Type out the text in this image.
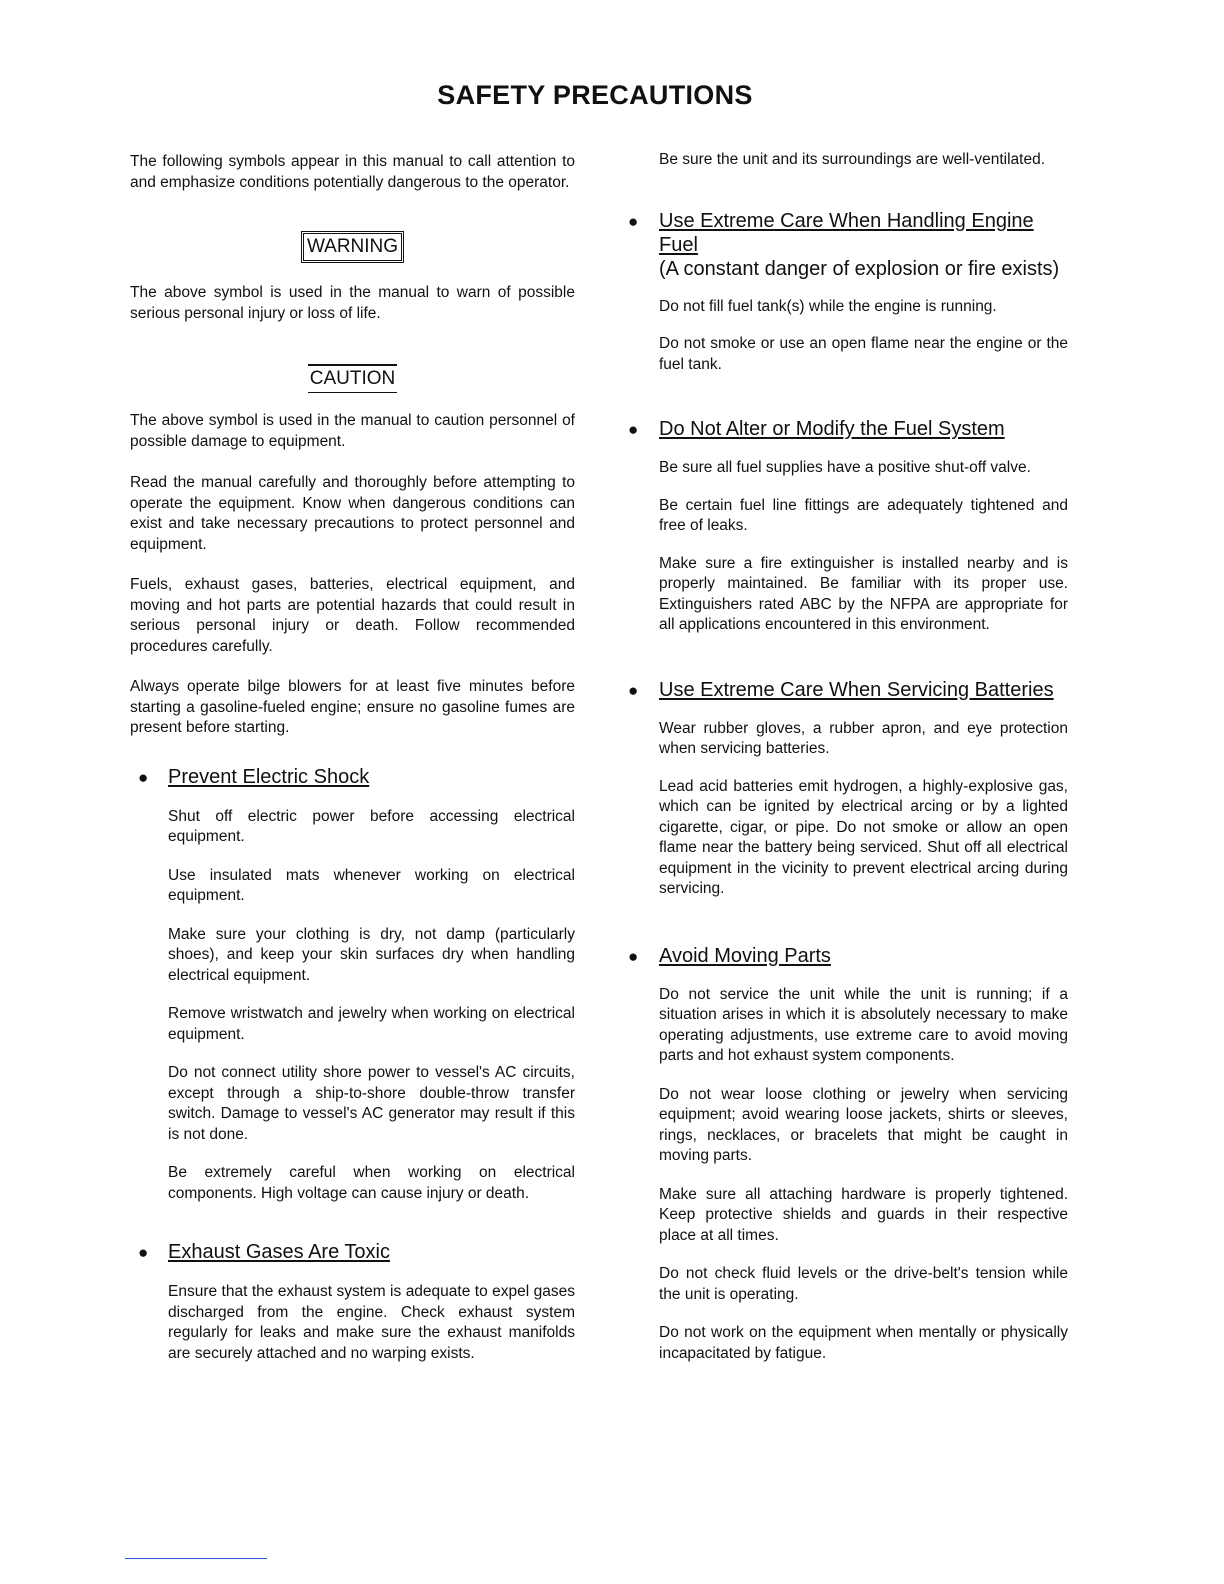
SAFETY PRECAUTIONS

The following symbols appear in this manual to call attention to and emphasize conditions potentially dangerous to the operator.

WARNING

The above symbol is used in the manual to warn of possible serious personal injury or loss of life.

CAUTION

The above symbol is used in the manual to caution personnel of possible damage to equipment.

Read the manual carefully and thoroughly before attempting to operate the equipment. Know when dangerous conditions can exist and take necessary precautions to protect personnel and equipment.

Fuels, exhaust gases, batteries, electrical equipment, and moving and hot parts are potential hazards that could result in serious personal injury or death. Follow recommended procedures carefully.

Always operate bilge blowers for at least five minutes before starting a gasoline-fueled engine; ensure no gasoline fumes are present before starting.

● Prevent Electric Shock

Shut off electric power before accessing electrical equipment.

Use insulated mats whenever working on electrical equipment.

Make sure your clothing is dry, not damp (particularly shoes), and keep your skin surfaces dry when handling electrical equipment.

Remove wristwatch and jewelry when working on electrical equipment.

Do not connect utility shore power to vessel's AC circuits, except through a ship-to-shore double-throw transfer switch. Damage to vessel's AC generator may result if this is not done.

Be extremely careful when working on electrical components. High voltage can cause injury or death.

● Exhaust Gases Are Toxic

Ensure that the exhaust system is adequate to expel gases discharged from the engine. Check exhaust system regularly for leaks and make sure the exhaust manifolds are securely attached and no warping exists.

Be sure the unit and its surroundings are well-ventilated.

●	Use Extreme Care When Handling Engine Fuel
(A constant danger of explosion or fire exists)

Do not fill fuel tank(s) while the engine is running.

Do not smoke or use an open flame near the engine or the fuel tank.

●	Do Not Alter or Modify the Fuel System

Be sure all fuel supplies have a positive shut-off valve.

Be certain fuel line fittings are adequately tightened and free of leaks.

Make sure a fire extinguisher is installed nearby and is properly maintained. Be familiar with its proper use. Extinguishers rated ABC by the NFPA are appropriate for all applications encountered in this environment.

●	Use Extreme Care When Servicing Batteries

Wear rubber gloves, a rubber apron, and eye protection when servicing batteries.

Lead acid batteries emit hydrogen, a highly-explosive gas, which can be ignited by electrical arcing or by a lighted cigarette, cigar, or pipe. Do not smoke or allow an open flame near the battery being serviced. Shut off all electrical equipment in the vicinity to prevent electrical arcing during servicing.

●	Avoid Moving Parts

Do not service the unit while the unit is running; if a situation arises in which it is absolutely necessary to make operating adjustments, use extreme care to avoid moving parts and hot exhaust system components.

Do not wear loose clothing or jewelry when servicing equipment; avoid wearing loose jackets, shirts or sleeves, rings, necklaces, or bracelets that might be caught in moving parts.

Make sure all attaching hardware is properly tightened. Keep protective shields and guards in their respective place at all times.

Do not check fluid levels or the drive-belt's tension while the unit is operating.

Do not work on the equipment when mentally or physically incapacitated by fatigue.
